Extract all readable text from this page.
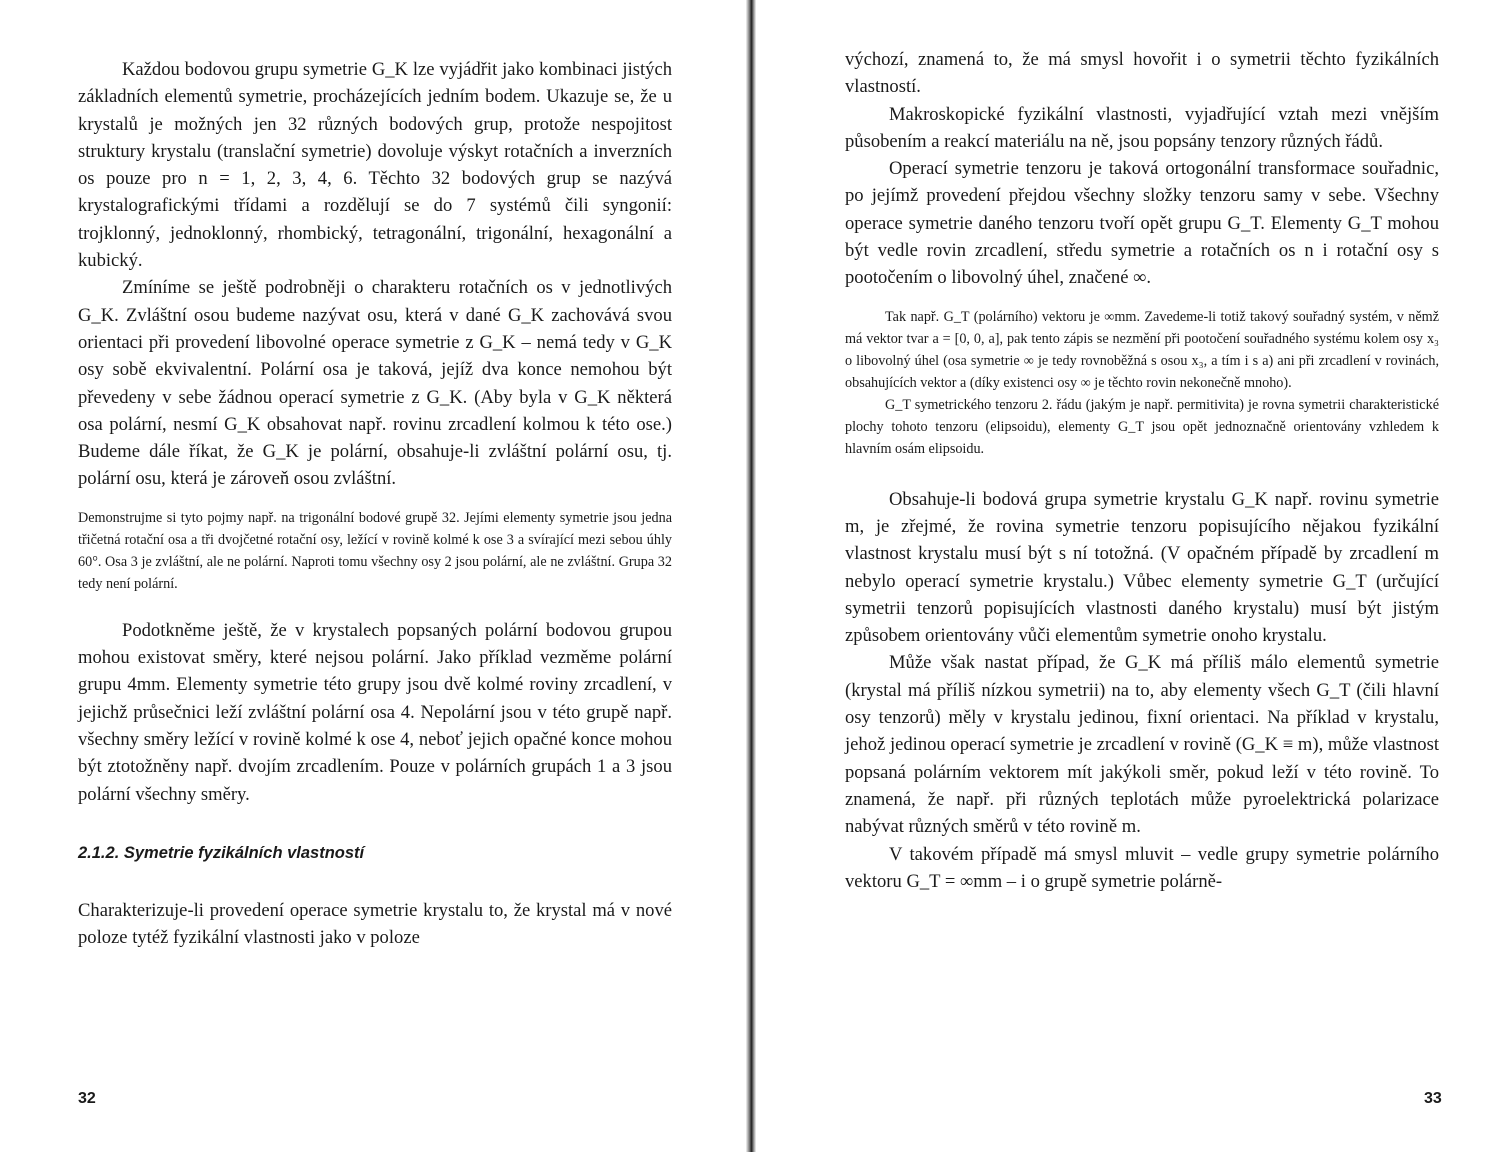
Každou bodovou grupu symetrie G_K lze vyjádřit jako kombinaci jistých základních elementů symetrie, procházejících jedním bodem. Ukazuje se, že u krystalů je možných jen 32 různých bodových grup, protože nespojitost struktury krystalu (translační symetrie) dovoluje výskyt rotačních a inverzních os pouze pro n = 1, 2, 3, 4, 6. Těchto 32 bodových grup se nazývá krystalografickými třídami a rozdělují se do 7 systémů čili syngonií: trojklonný, jednoklonný, rhombický, tetragonální, trigonální, hexagonální a kubický.

Zmíníme se ještě podrobněji o charakteru rotačních os v jednotlivých G_K. Zvláštní osou budeme nazývat osu, která v dané G_K zachovává svou orientaci při provedení libovolné operace symetrie z G_K – nemá tedy v G_K osy sobě ekvivalentní. Polární osa je taková, jejíž dva konce nemohou být převedeny v sebe žádnou operací symetrie z G_K. (Aby byla v G_K některá osa polární, nesmí G_K obsahovat např. rovinu zrcadlení kolmou k této ose.) Budeme dále říkat, že G_K je polární, obsahuje-li zvláštní polární osu, tj. polární osu, která je zároveň osou zvláštní.

Demonstrujme si tyto pojmy např. na trigonální bodové grupě 32. Jejími elementy symetrie jsou jedna třičetná rotační osa a tři dvojčetné rotační osy, ležící v rovině kolmé k ose 3 a svírající mezi sebou úhly 60°. Osa 3 je zvláštní, ale ne polární. Naproti tomu všechny osy 2 jsou polární, ale ne zvláštní. Grupa 32 tedy není polární.

Podotkněme ještě, že v krystalech popsaných polární bodovou grupou mohou existovat směry, které nejsou polární. Jako příklad vezměme polární grupu 4mm. Elementy symetrie této grupy jsou dvě kolmé roviny zrcadlení, v jejichž průsečnici leží zvláštní polární osa 4. Nepolární jsou v této grupě např. všechny směry ležící v rovině kolmé k ose 4, neboť jejich opačné konce mohou být ztotožněny např. dvojím zrcadlením. Pouze v polárních grupách 1 a 3 jsou polární všechny směry.

2.1.2. Symetrie fyzikálních vlastností

Charakterizuje-li provedení operace symetrie krystalu to, že krystal má v nové poloze tytéž fyzikální vlastnosti jako v poloze

32

výchozí, znamená to, že má smysl hovořit i o symetrii těchto fyzikálních vlastností.

Makroskopické fyzikální vlastnosti, vyjadřující vztah mezi vnějším působením a reakcí materiálu na ně, jsou popsány tenzory různých řádů.

Operací symetrie tenzoru je taková ortogonální transformace souřadnic, po jejímž provedení přejdou všechny složky tenzoru samy v sebe. Všechny operace symetrie daného tenzoru tvoří opět grupu G_T. Elementy G_T mohou být vedle rovin zrcadlení, středu symetrie a rotačních os n i rotační osy s pootočením o libovolný úhel, značené ∞.

Tak např. G_T (polárního) vektoru je ∞mm. Zavedeme-li totiž takový souřadný systém, v němž má vektor tvar a = [0, 0, a], pak tento zápis se nezmění při pootočení souřadného systému kolem osy x₃ o libovolný úhel (osa symetrie ∞ je tedy rovnoběžná s osou x₃, a tím i s a) ani při zrcadlení v rovinách, obsahujících vektor a (díky existenci osy ∞ je těchto rovin nekonečně mnoho).

G_T symetrického tenzoru 2. řádu (jakým je např. permitivita) je rovna symetrii charakteristické plochy tohoto tenzoru (elipsoidu), elementy G_T jsou opět jednoznačně orientovány vzhledem k hlavním osám elipsoidu.

Obsahuje-li bodová grupa symetrie krystalu G_K např. rovinu symetrie m, je zřejmé, že rovina symetrie tenzoru popisujícího nějakou fyzikální vlastnost krystalu musí být s ní totožná. (V opačném případě by zrcadlení m nebylo operací symetrie krystalu.) Vůbec elementy symetrie G_T (určující symetrii tenzorů popisujících vlastnosti daného krystalu) musí být jistým způsobem orientovány vůči elementům symetrie onoho krystalu.

Může však nastat případ, že G_K má příliš málo elementů symetrie (krystal má příliš nízkou symetrii) na to, aby elementy všech G_T (čili hlavní osy tenzorů) měly v krystalu jedinou, fixní orientaci. Na příklad v krystalu, jehož jedinou operací symetrie je zrcadlení v rovině (G_K ≡ m), může vlastnost popsaná polárním vektorem mít jakýkoli směr, pokud leží v této rovině. To znamená, že např. při různých teplotách může pyroelektrická polarizace nabývat různých směrů v této rovině m.

V takovém případě má smysl mluvit – vedle grupy symetrie polárního vektoru G_T = ∞mm – i o grupě symetrie polárně-

33
